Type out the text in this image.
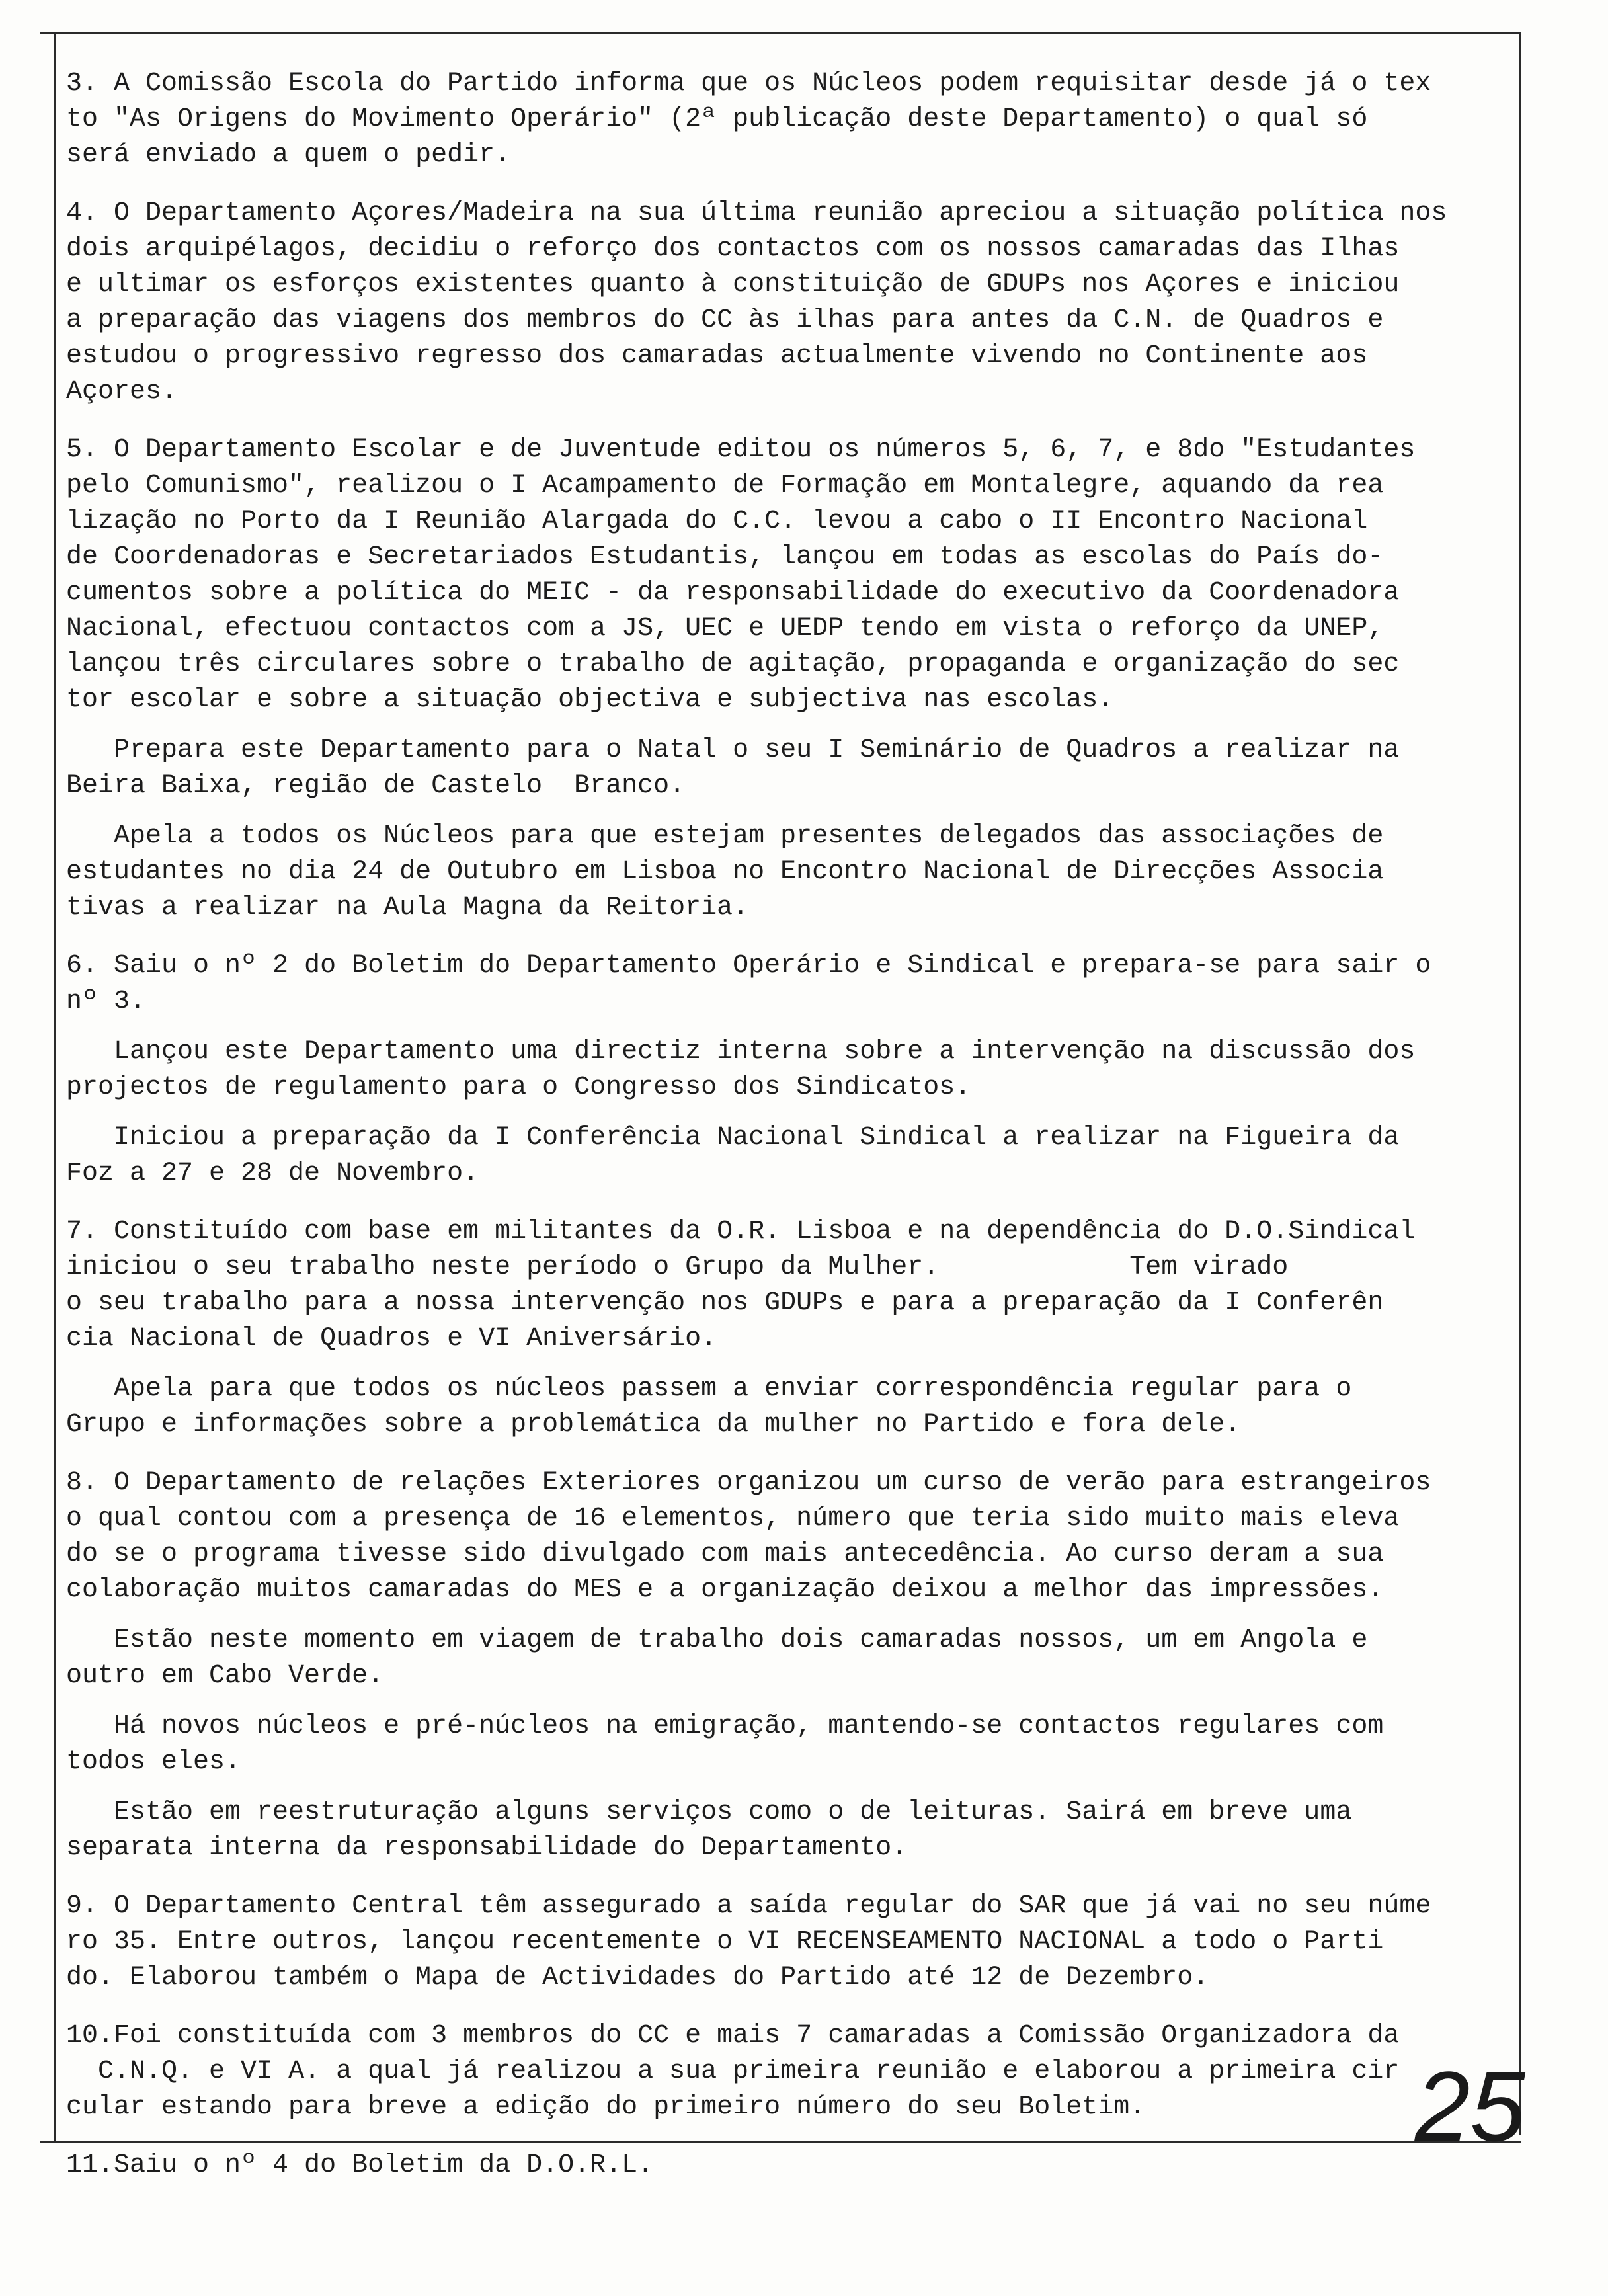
3. A Comissão Escola do Partido informa que os Núcleos podem requisitar desde já o tex

to "As Origens do Movimento Operário" (2ª publicação deste Departamento) o qual só

será enviado a quem o pedir.

4. O Departamento Açores/Madeira na sua última reunião apreciou a situação política nos

dois arquipélagos, decidiu o reforço dos contactos com os nossos camaradas das Ilhas

e ultimar os esforços existentes quanto à constituição de GDUPs nos Açores e iniciou

a preparação das viagens dos membros do CC às ilhas para antes da C.N. de Quadros e

estudou o progressivo regresso dos camaradas actualmente vivendo no Continente aos

Açores.

5. O Departamento Escolar e de Juventude editou os números 5, 6, 7, e 8do "Estudantes

pelo Comunismo", realizou o I Acampamento de Formação em Montalegre, aquando da rea

lização no Porto da I Reunião Alargada do C.C. levou a cabo o II Encontro Nacional

de Coordenadoras e Secretariados Estudantis, lançou em todas as escolas do País do-

cumentos sobre a política do MEIC - da responsabilidade do executivo da Coordenadora

Nacional, efectuou contactos com a JS, UEC e UEDP tendo em vista o reforço da UNEP,

lançou três circulares sobre o trabalho de agitação, propaganda e organização do sec

tor escolar e sobre a situação objectiva e subjectiva nas escolas.

Prepara este Departamento para o Natal o seu I Seminário de Quadros a realizar na

Beira Baixa, região de Castelo  Branco.

Apela a todos os Núcleos para que estejam presentes delegados das associações de

estudantes no dia 24 de Outubro em Lisboa no Encontro Nacional de Direcções Associa

tivas a realizar na Aula Magna da Reitoria.

6. Saiu o nº 2 do Boletim do Departamento Operário e Sindical e prepara-se para sair o

nº 3.

Lançou este Departamento uma directiz interna sobre a intervenção na discussão dos

projectos de regulamento para o Congresso dos Sindicatos.

Iniciou a preparação da I Conferência Nacional Sindical a realizar na Figueira da

Foz a 27 e 28 de Novembro.

7. Constituído com base em militantes da O.R. Lisboa e na dependência do D.O.Sindical

iniciou o seu trabalho neste período o Grupo da Mulher.            Tem virado

o seu trabalho para a nossa intervenção nos GDUPs e para a preparação da I Conferên

cia Nacional de Quadros e VI Aniversário.

Apela para que todos os núcleos passem a enviar correspondência regular para o

Grupo e informações sobre a problemática da mulher no Partido e fora dele.

8. O Departamento de relações Exteriores organizou um curso de verão para estrangeiros

o qual contou com a presença de 16 elementos, número que teria sido muito mais eleva

do se o programa tivesse sido divulgado com mais antecedência. Ao curso deram a sua

colaboração muitos camaradas do MES e a organização deixou a melhor das impressões.

Estão neste momento em viagem de trabalho dois camaradas nossos, um em Angola e

outro em Cabo Verde.

Há novos núcleos e pré-núcleos na emigração, mantendo-se contactos regulares com

todos eles.

Estão em reestruturação alguns serviços como o de leituras. Sairá em breve uma

separata interna da responsabilidade do Departamento.

9. O Departamento Central têm assegurado a saída regular do SAR que já vai no seu núme

ro 35. Entre outros, lançou recentemente o VI RECENSEAMENTO NACIONAL a todo o Parti

do. Elaborou também o Mapa de Actividades do Partido até 12 de Dezembro.

10.Foi constituída com 3 membros do CC e mais 7 camaradas a Comissão Organizadora da

C.N.Q. e VI A. a qual já realizou a sua primeira reunião e elaborou a primeira cir

cular estando para breve a edição do primeiro número do seu Boletim.

11.Saiu o nº 4 do Boletim da D.O.R.L.

25
